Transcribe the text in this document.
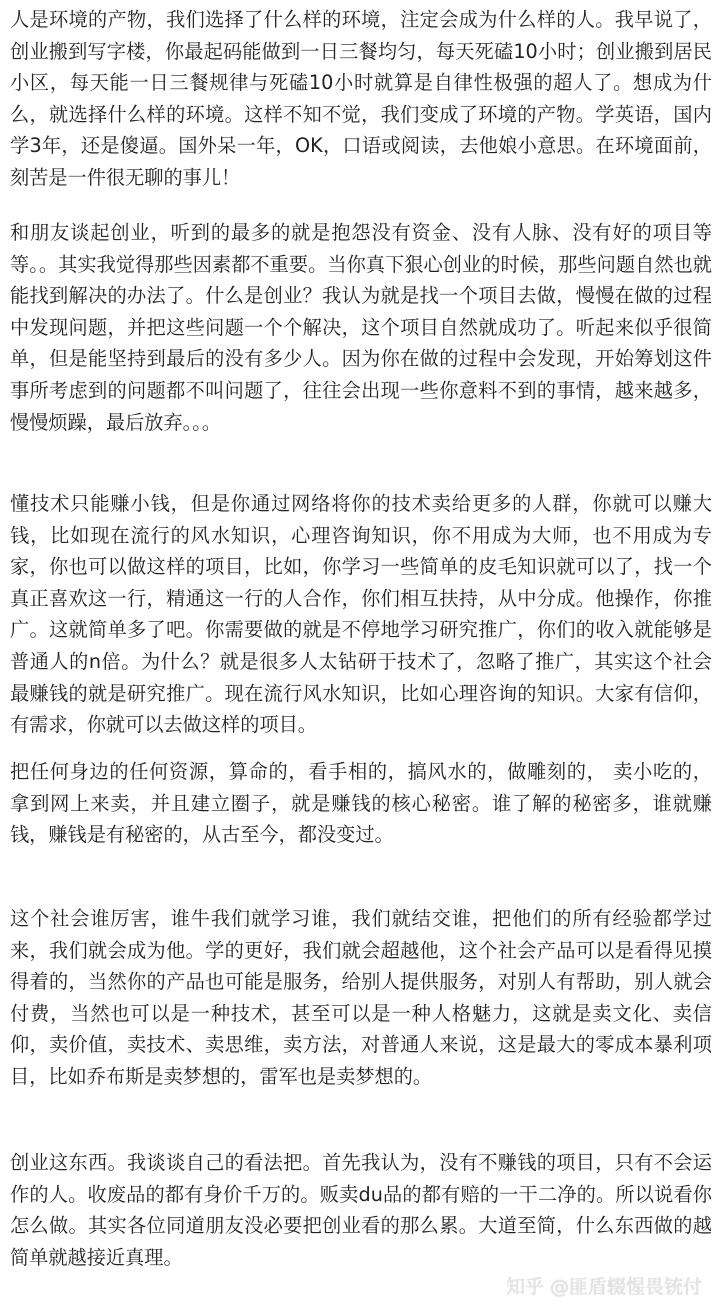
人是环境的产物，我们选择了什么样的环境，注定会成为什么样的人。我早说了，创业搬到写字楼，你最起码能做到一日三餐均匀，每天死磕10小时；创业搬到居民小区，每天能一日三餐规律与死磕10小时就算是自律性极强的超人了。想成为什么，就选择什么样的环境。这样不知不觉，我们变成了环境的产物。学英语，国内学3年，还是傻逼。国外呆一年，OK，口语或阅读，去他娘小意思。在环境面前，刻苦是一件很无聊的事儿！

和朋友谈起创业，听到的最多的就是抱怨没有资金、没有人脉、没有好的项目等等。。其实我觉得那些因素都不重要。当你真下狠心创业的时候，那些问题自然也就能找到解决的办法了。什么是创业？我认为就是找一个项目去做，慢慢在做的过程中发现问题，并把这些问题一个个解决，这个项目自然就成功了。听起来似乎很简单，但是能坚持到最后的没有多少人。因为你在做的过程中会发现，开始筹划这件事所考虑到的问题都不叫问题了，往往会出现一些你意料不到的事情，越来越多，慢慢烦躁，最后放弃。。。

懂技术只能赚小钱，但是你通过网络将你的技术卖给更多的人群，你就可以赚大钱，比如现在流行的风水知识，心理咨询知识，你不用成为大师，也不用成为专家，你也可以做这样的项目，比如，你学习一些简单的皮毛知识就可以了，找一个真正喜欢这一行，精通这一行的人合作，你们相互扶持，从中分成。他操作，你推广。这就简单多了吧。你需要做的就是不停地学习研究推广，你们的收入就能够是普通人的n倍。为什么？就是很多人太钻研于技术了，忽略了推广，其实这个社会最赚钱的就是研究推广。现在流行风水知识，比如心理咨询的知识。大家有信仰，有需求，你就可以去做这样的项目。

把任何身边的任何资源，算命的，看手相的，搞风水的，做雕刻的， 卖小吃的， 拿到网上来卖，并且建立圈子，就是赚钱的核心秘密。谁了解的秘密多，谁就赚钱，赚钱是有秘密的，从古至今，都没变过。

这个社会谁厉害，谁牛我们就学习谁，我们就结交谁，把他们的所有经验都学过来，我们就会成为他。学的更好，我们就会超越他，这个社会产品可以是看得见摸得着的，当然你的产品也可能是服务，给别人提供服务，对别人有帮助，别人就会付费，当然也可以是一种技术，甚至可以是一种人格魅力，这就是卖文化、卖信仰，卖价值，卖技术、卖思维，卖方法，对普通人来说，这是最大的零成本暴利项目，比如乔布斯是卖梦想的，雷军也是卖梦想的。

创业这东西。我谈谈自己的看法把。首先我认为，没有不赚钱的项目，只有不会运作的人。收废品的都有身价千万的。贩卖du品的都有赔的一干二净的。所以说看你怎么做。其实各位同道朋友没必要把创业看的那么累。大道至简，什么东西做的越简单就越接近真理。

知乎 @匪盾辍惺畏铳付
